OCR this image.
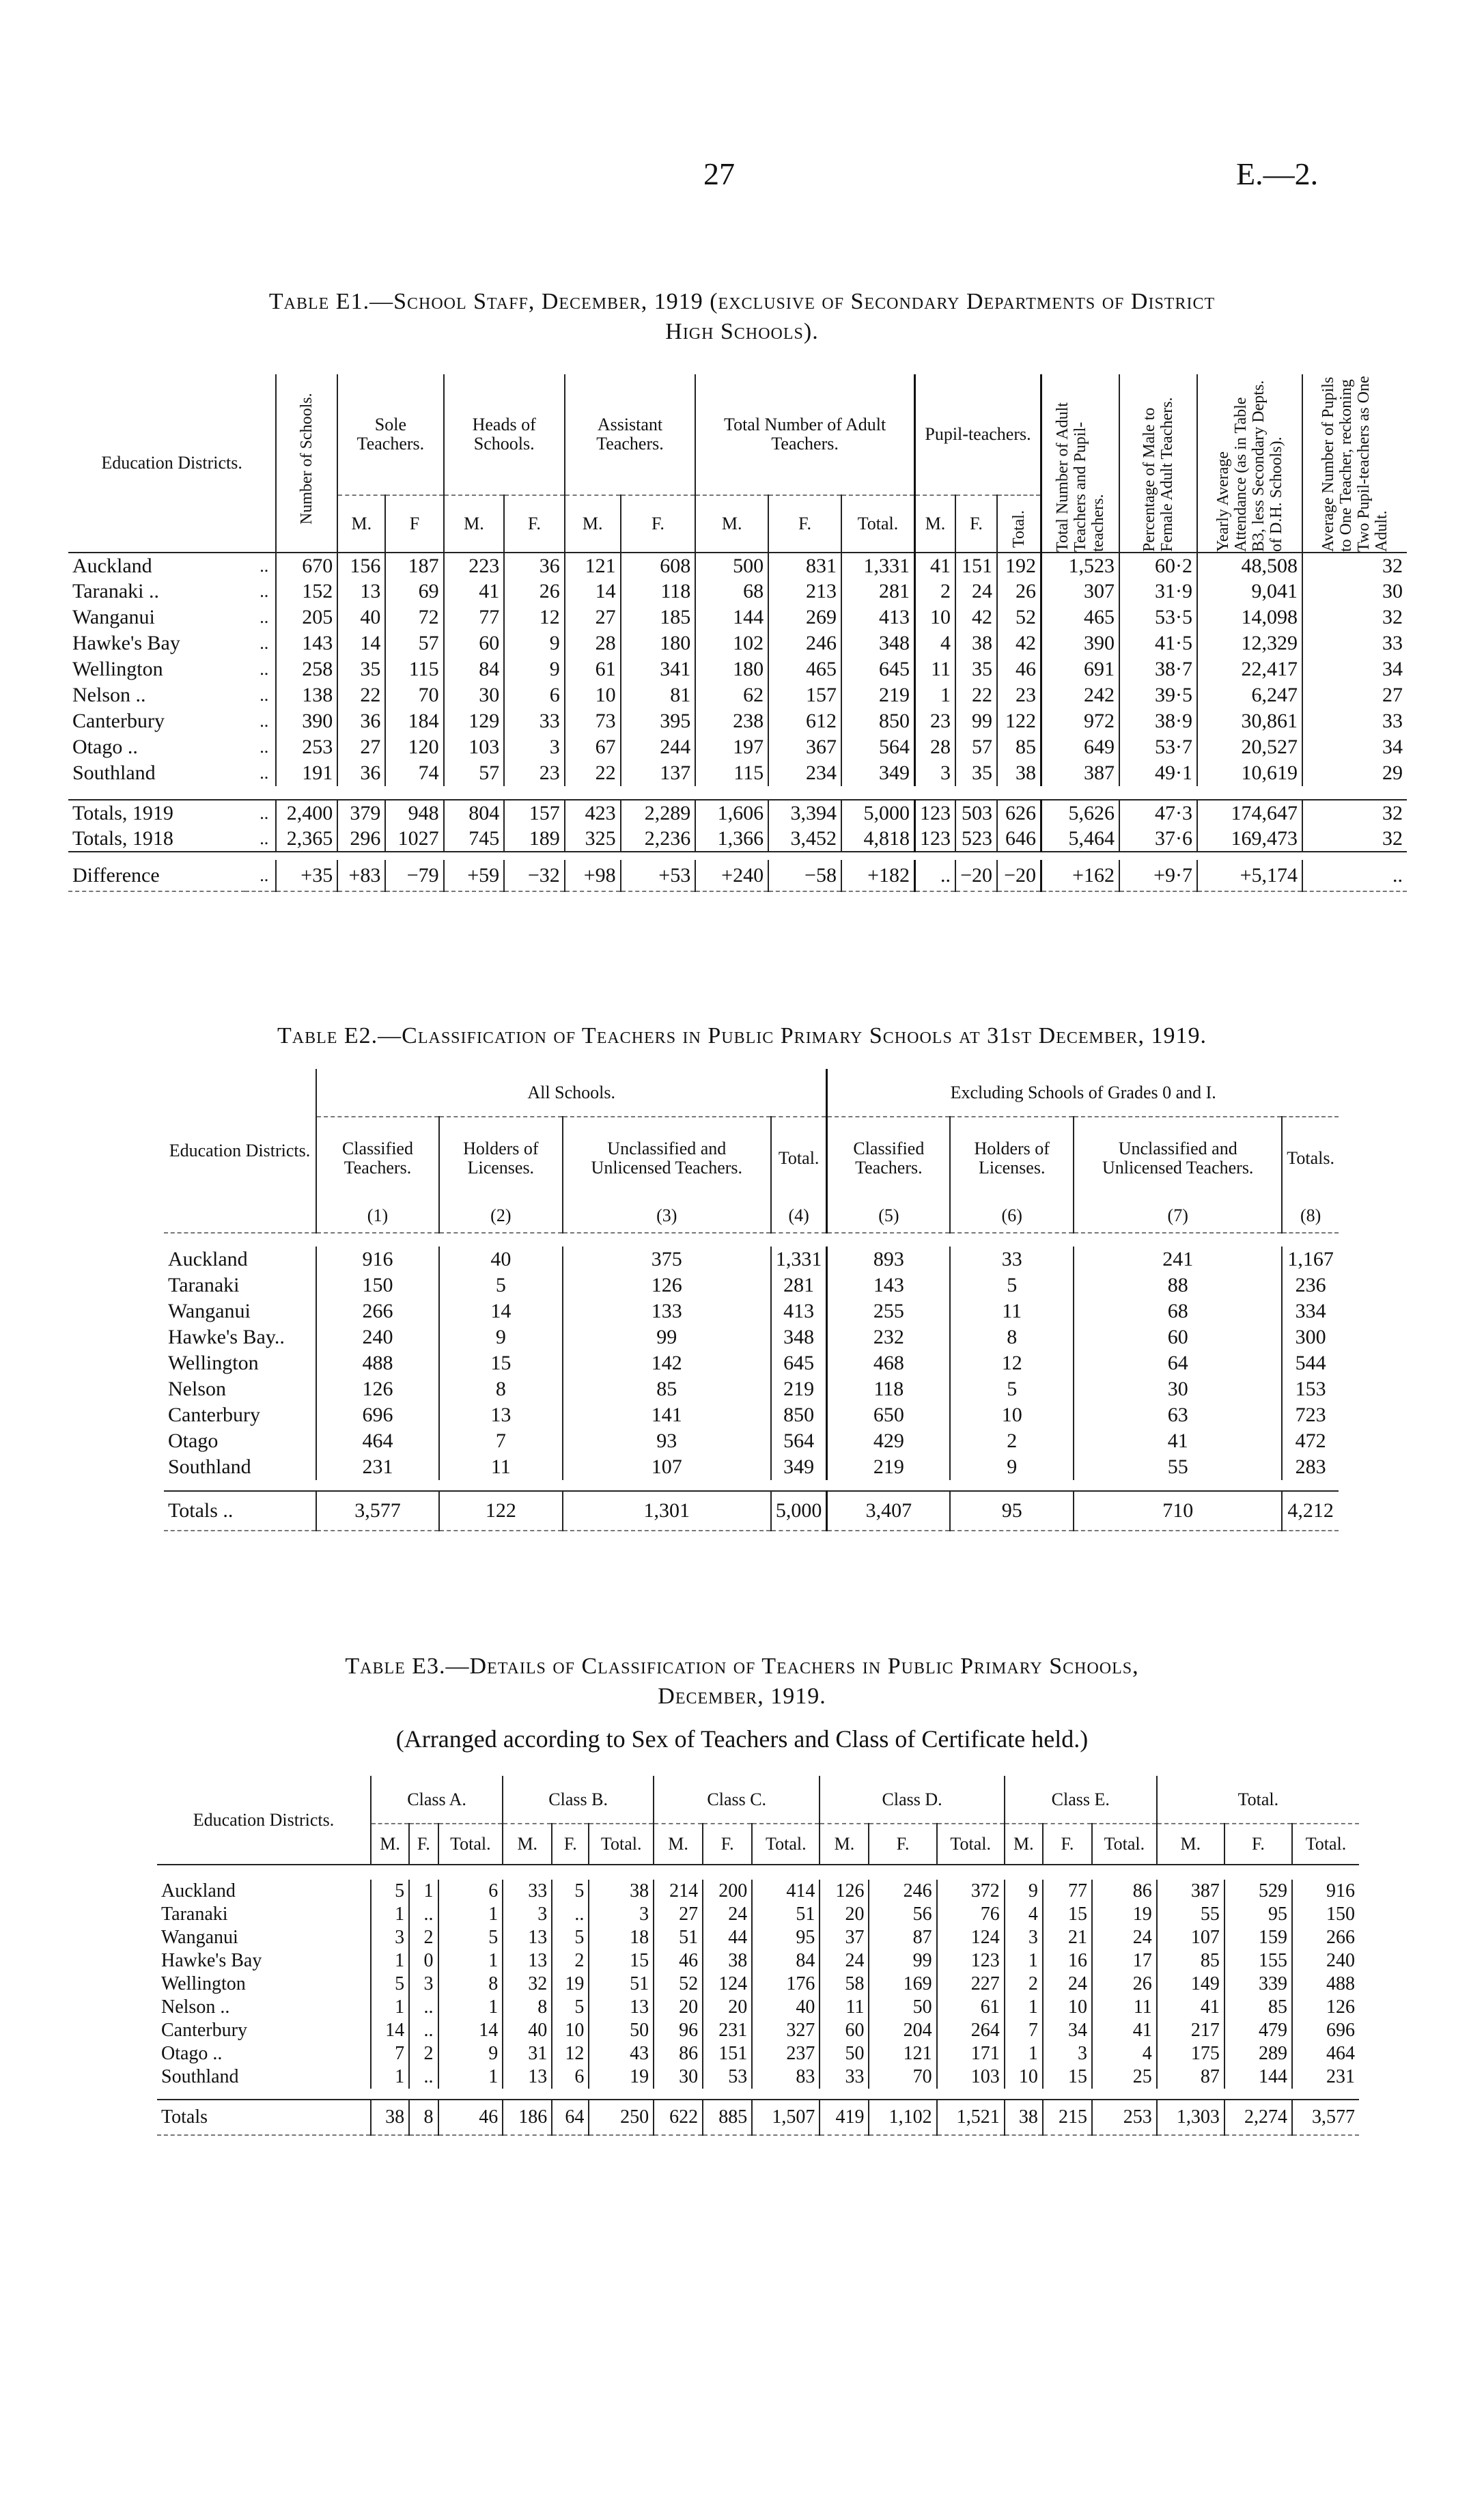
27	E.—2.
Table E1.—School Staff, December, 1919 (exclusive of Secondary Departments of District
High Schools).
Education Districts.		Number of Schools.	Sole Teachers.		Heads of Schools.		Assistant Teachers.		Total Number of Adult Teachers.			Pupil-teachers.			Total Number of Adult Teachers and Pupil-teachers.	Percentage of Male to Female Adult Teachers.	Yearly Average Attendance (as in Table B3, less Secondary Depts. of D.H. Schools).	Average Number of Pupils to One Teacher, reckoning Two Pupil-teachers as One Adult.

			M.	F	M.	F.	M.	F.	M.	F.	Total.	M.	F.	Total.				

Auckland	..	670	156	187	223	36	121	608	500	831	1,331	41	151	192	1,523	60·2	48,508	32
Taranaki ..	..	152	13	69	41	26	14	118	68	213	281	2	24	26	307	31·9	9,041	30
Wanganui	..	205	40	72	77	12	27	185	144	269	413	10	42	52	465	53·5	14,098	32
Hawke's Bay	..	143	14	57	60	9	28	180	102	246	348	4	38	42	390	41·5	12,329	33
Wellington	..	258	35	115	84	9	61	341	180	465	645	11	35	46	691	38·7	22,417	34
Nelson ..	..	138	22	70	30	6	10	81	62	157	219	1	22	23	242	39·5	6,247	27
Canterbury	..	390	36	184	129	33	73	395	238	612	850	23	99	122	972	38·9	30,861	33
Otago ..	..	253	27	120	103	3	67	244	197	367	564	28	57	85	649	53·7	20,527	34
Southland	..	191	36	74	57	23	22	137	115	234	349	3	35	38	387	49·1	10,619	29

Totals, 1919	..	2,400	379	948	804	157	423	2,289	1,606	3,394	5,000	123	503	626	5,626	47·3	174,647	32
Totals, 1918	..	2,365	296	1027	745	189	325	2,236	1,366	3,452	4,818	123	523	646	5,464	37·6	169,473	32

Difference	..	+35	+83	−79	+59	−32	+98	+53	+240	−58	+182	..	−20	−20	+162	+9·7	+5,174	..
Table E2.—Classification of Teachers in Public Primary Schools at 31st December, 1919.
Education Districts.	All Schools.				Excluding Schools of Grades 0 and I.			
	Classified Teachers.	Holders of Licenses.	Unclassified and Unlicensed Teachers.	Total.	Classified Teachers.	Holders of Licenses.	Unclassified and Unlicensed Teachers.	Totals.
	(1)	(2)	(3)	(4)	(5)	(6)	(7)	(8)

Auckland	916	40	375	1,331	893	33	241	1,167
Taranaki	150	5	126	281	143	5	88	236
Wanganui	266	14	133	413	255	11	68	334
Hawke's Bay..	240	9	99	348	232	8	60	300
Wellington	488	15	142	645	468	12	64	544
Nelson	126	8	85	219	118	5	30	153
Canterbury	696	13	141	850	650	10	63	723
Otago	464	7	93	564	429	2	41	472
Southland	231	11	107	349	219	9	55	283

Totals ..	3,577	122	1,301	5,000	3,407	95	710	4,212
Table E3.—Details of Classification of Teachers in Public Primary Schools,
December, 1919.
(Arranged according to Sex of Teachers and Class of Certificate held.)
Education Districts.	Class A.			Class B.			Class C.			Class D.			Class E.			Total.		
	M.	F.	Total.	M.	F.	Total.	M.	F.	Total.	M.	F.	Total.	M.	F.	Total.	M.	F.	Total.

Auckland	5	1	6	33	5	38	214	200	414	126	246	372	9	77	86	387	529	916
Taranaki	1	..	1	3	..	3	27	24	51	20	56	76	4	15	19	55	95	150
Wanganui	3	2	5	13	5	18	51	44	95	37	87	124	3	21	24	107	159	266
Hawke's Bay	1	0	1	13	2	15	46	38	84	24	99	123	1	16	17	85	155	240
Wellington	5	3	8	32	19	51	52	124	176	58	169	227	2	24	26	149	339	488
Nelson ..	1	..	1	8	5	13	20	20	40	11	50	61	1	10	11	41	85	126
Canterbury	14	..	14	40	10	50	96	231	327	60	204	264	7	34	41	217	479	696
Otago ..	7	2	9	31	12	43	86	151	237	50	121	171	1	3	4	175	289	464
Southland	1	..	1	13	6	19	30	53	83	33	70	103	10	15	25	87	144	231

Totals	38	8	46	186	64	250	622	885	1,507	419	1,102	1,521	38	215	253	1,303	2,274	3,577
